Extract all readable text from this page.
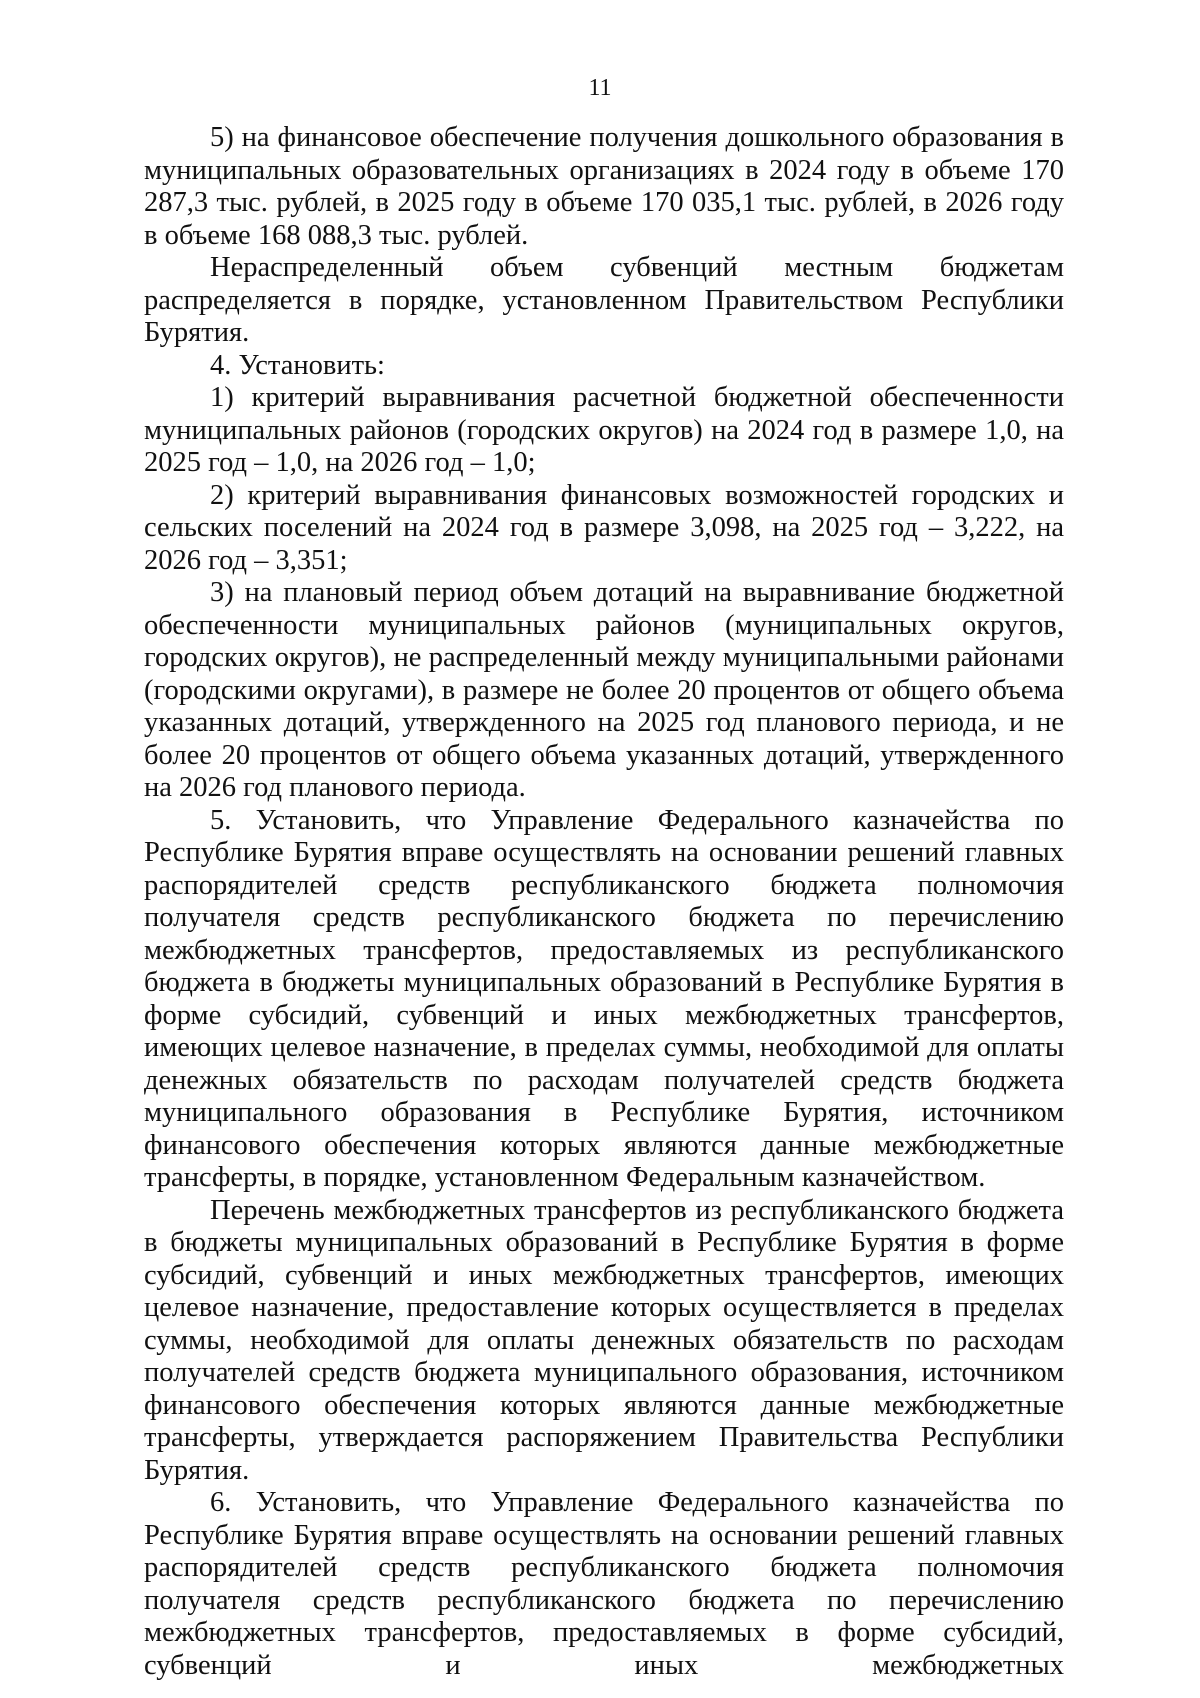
11

5) на финансовое обеспечение получения дошкольного образования в муниципальных образовательных организациях в 2024 году в объеме 170 287,3 тыс. рублей, в 2025 году в объеме 170 035,1 тыс. рублей, в 2026 году в объеме 168 088,3 тыс. рублей.

Нераспределенный объем субвенций местным бюджетам распределяется в порядке, установленном Правительством Республики Бурятия.

4. Установить:

1) критерий выравнивания расчетной бюджетной обеспеченности муниципальных районов (городских округов) на 2024 год в размере 1,0, на 2025 год – 1,0, на 2026 год – 1,0;

2) критерий выравнивания финансовых возможностей городских и сельских поселений на 2024 год в размере 3,098, на 2025 год – 3,222, на 2026 год – 3,351;

3) на плановый период объем дотаций на выравнивание бюджетной обеспеченности муниципальных районов (муниципальных округов, городских округов), не распределенный между муниципальными районами (городскими округами), в размере не более 20 процентов от общего объема указанных дотаций, утвержденного на 2025 год планового периода, и не более 20 процентов от общего объема указанных дотаций, утвержденного на 2026 год планового периода.

5. Установить, что Управление Федерального казначейства по Республике Бурятия вправе осуществлять на основании решений главных распорядителей средств республиканского бюджета полномочия получателя средств республиканского бюджета по перечислению межбюджетных трансфертов, предоставляемых из республиканского бюджета в бюджеты муниципальных образований в Республике Бурятия в форме субсидий, субвенций и иных межбюджетных трансфертов, имеющих целевое назначение, в пределах суммы, необходимой для оплаты денежных обязательств по расходам получателей средств бюджета муниципального образования в Республике Бурятия, источником финансового обеспечения которых являются данные межбюджетные трансферты, в порядке, установленном Федеральным казначейством.

Перечень межбюджетных трансфертов из республиканского бюджета в бюджеты муниципальных образований в Республике Бурятия в форме субсидий, субвенций и иных межбюджетных трансфертов, имеющих целевое назначение, предоставление которых осуществляется в пределах суммы, необходимой для оплаты денежных обязательств по расходам получателей средств бюджета муниципального образования, источником финансового обеспечения которых являются данные межбюджетные трансферты, утверждается распоряжением Правительства Республики Бурятия.

6. Установить, что Управление Федерального казначейства по Республике Бурятия вправе осуществлять на основании решений главных распорядителей средств республиканского бюджета полномочия получателя средств республиканского бюджета по перечислению межбюджетных трансфертов, предоставляемых в форме субсидий, субвенций и иных межбюджетных
